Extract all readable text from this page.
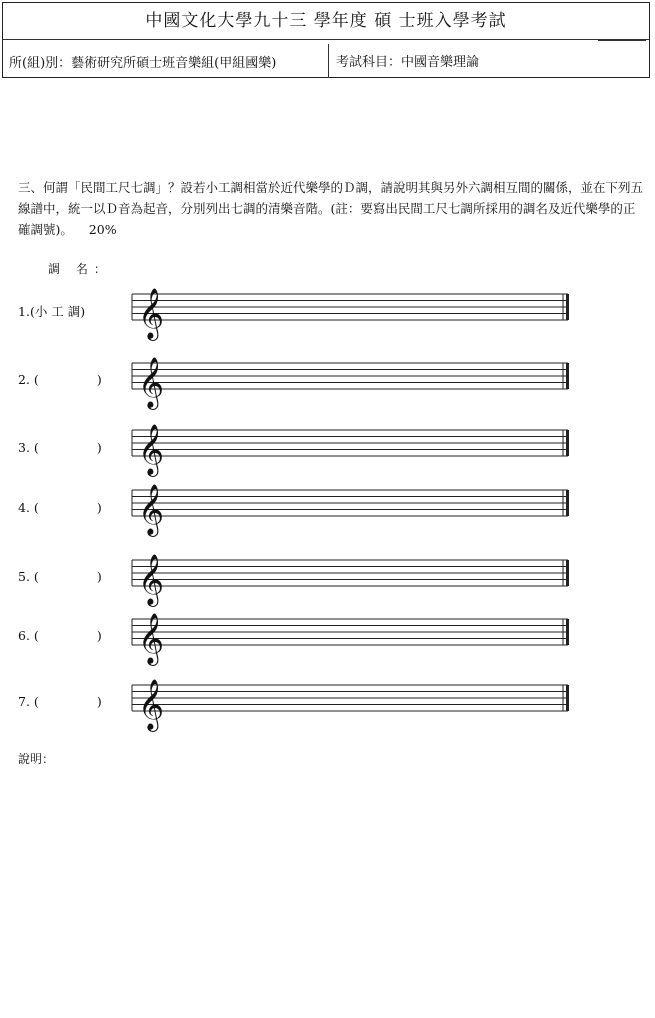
中國文化大學九十三 學年度 碩 士班入學考試
所(組)別：藝術研究所碩士班音樂組(甲組國樂)	考試科目：中國音樂理論
三、何謂「民間工尺七調」？設若小工調相當於近代樂學的Ｄ調，請說明其與另外六調相互間的關係，並在下列五線譜中，統一以Ｄ音為起音，分別列出七調的清樂音階。(註：要寫出民間工尺七調所採用的調名及近代樂學的正確調號)。 20%
調 名：
1.(小 工 調)
2. (	)
3. (	)
4. (	)
5. (	)
6. (	)
7. (	)
𝄞
𝄞
𝄞
𝄞
𝄞
𝄞
𝄞
說明：
